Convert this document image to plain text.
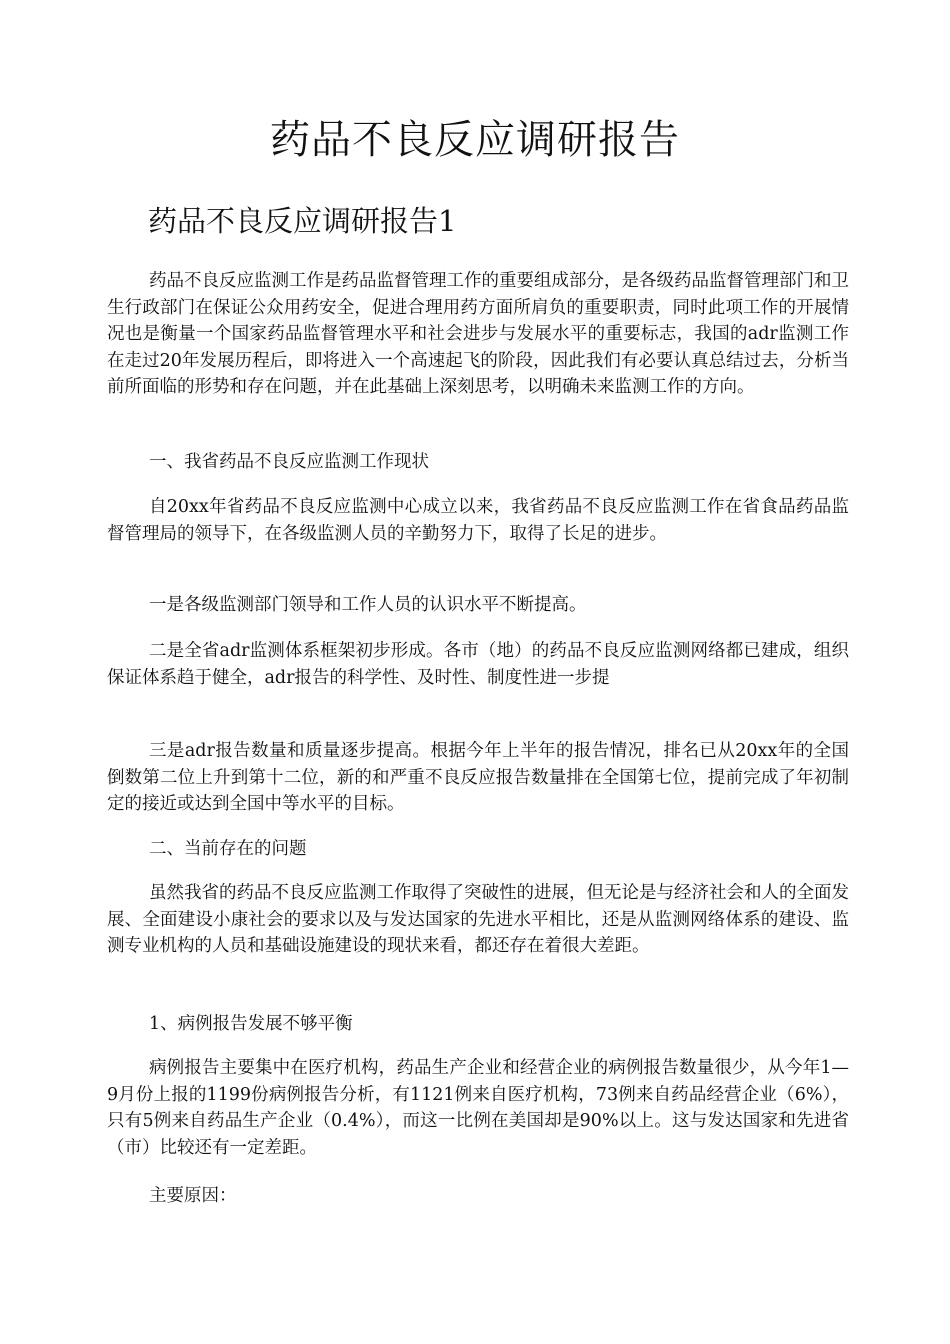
药品不良反应调研报告
药品不良反应调研报告1

药品不良反应监测工作是药品监督管理工作的重要组成部分，是各级药品监督管理部门和卫生行政部门在保证公众用药安全，促进合理用药方面所肩负的重要职责，同时此项工作的开展情况也是衡量一个国家药品监督管理水平和社会进步与发展水平的重要标志，我国的adr监测工作在走过20年发展历程后，即将进入一个高速起飞的阶段，因此我们有必要认真总结过去，分析当前所面临的形势和存在问题，并在此基础上深刻思考，以明确未来监测工作的方向。

一、我省药品不良反应监测工作现状

自20xx年省药品不良反应监测中心成立以来，我省药品不良反应监测工作在省食品药品监督管理局的领导下，在各级监测人员的辛勤努力下，取得了长足的进步。

一是各级监测部门领导和工作人员的认识水平不断提高。

二是全省adr监测体系框架初步形成。各市（地）的药品不良反应监测网络都已建成，组织保证体系趋于健全，adr报告的科学性、及时性、制度性进一步提

三是adr报告数量和质量逐步提高。根据今年上半年的报告情况，排名已从20xx年的全国倒数第二位上升到第十二位，新的和严重不良反应报告数量排在全国第七位，提前完成了年初制定的接近或达到全国中等水平的目标。

二、当前存在的问题

虽然我省的药品不良反应监测工作取得了突破性的进展，但无论是与经济社会和人的全面发展、全面建设小康社会的要求以及与发达国家的先进水平相比，还是从监测网络体系的建设、监测专业机构的人员和基础设施建设的现状来看，都还存在着很大差距。

1、病例报告发展不够平衡

病例报告主要集中在医疗机构，药品生产企业和经营企业的病例报告数量很少，从今年1—9月份上报的1199份病例报告分析，有1121例来自医疗机构，73例来自药品经营企业（6%），只有5例来自药品生产企业（0.4%），而这一比例在美国却是90%以上。这与发达国家和先进省（市）比较还有一定差距。

主要原因：
